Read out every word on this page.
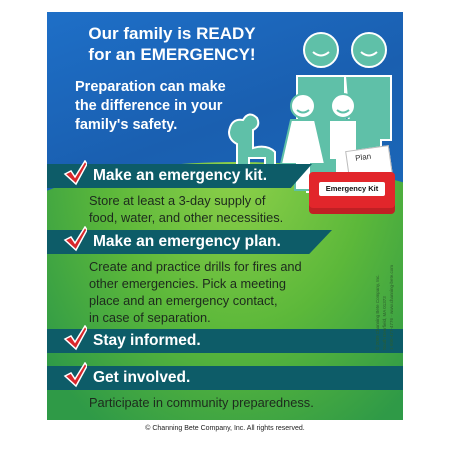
Our family is READY
for an EMERGENCY!
Preparation can make
the difference in your
family's safety.
Plan
Emergency Kit
Make an emergency kit.
Store at least a 3-day supply of
food, water, and other necessities.
Make an emergency plan.
Create and practice drills for fires and
other emergencies. Pick a meeting
place and an emergency contact,
in case of separation.
Stay informed.
Get involved.
Participate in community preparedness.
© 2009 Channing Bete Company, Inc. South Deerfield, MA 01373 1-800-477-4776 · www.channing-bete.com
© Channing Bete Company, Inc. All rights reserved.
